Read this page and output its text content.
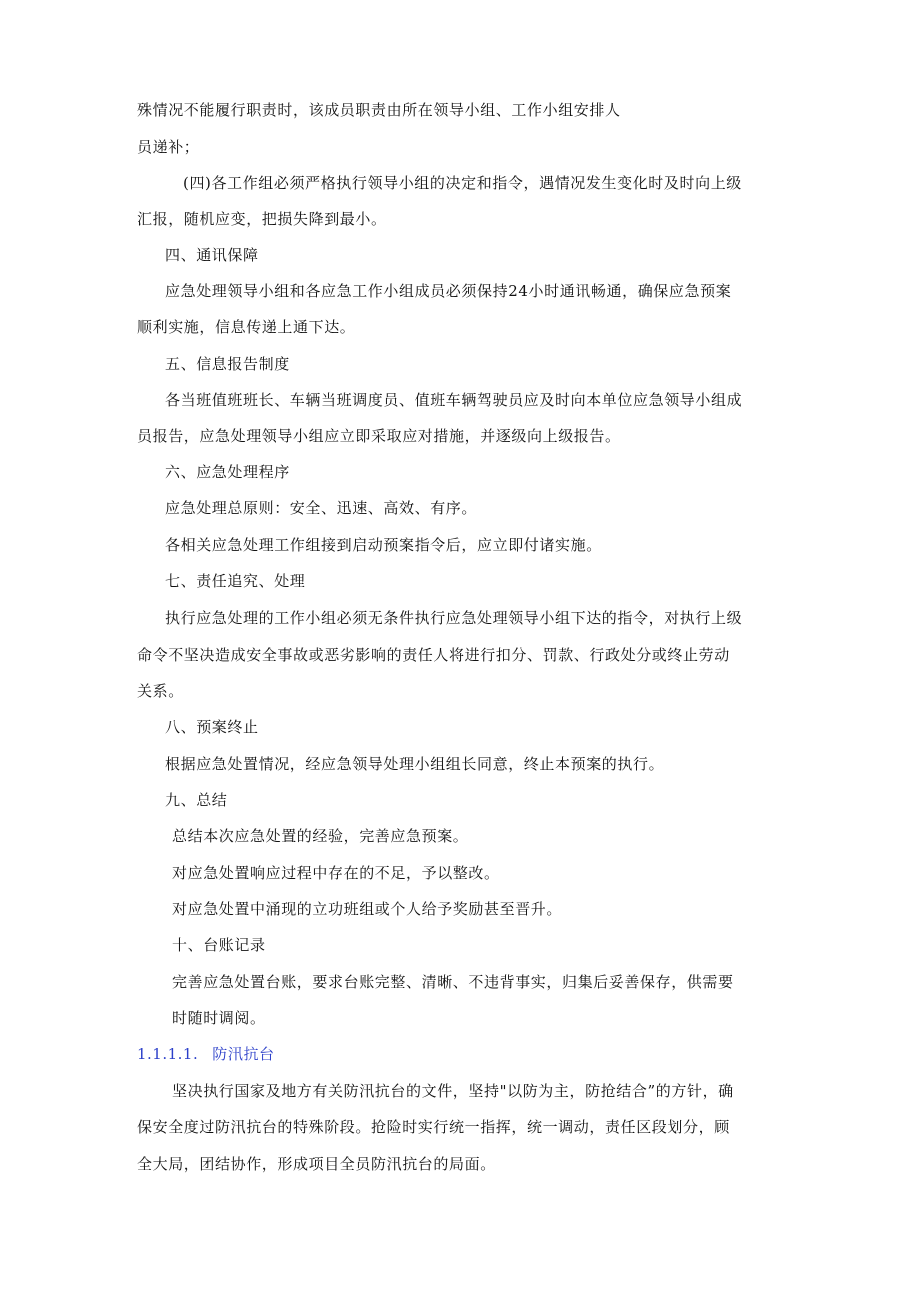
殊情况不能履行职责时，该成员职责由所在领导小组、工作小组安排人
员递补；
(四)各工作组必须严格执行领导小组的决定和指令，遇情况发生变化时及时向上级
汇报，随机应变，把损失降到最小。
四、通讯保障
应急处理领导小组和各应急工作小组成员必须保持24小时通讯畅通，确保应急预案
顺利实施，信息传递上通下达。
五、信息报告制度
各当班值班班长、车辆当班调度员、值班车辆驾驶员应及时向本单位应急领导小组成
员报告，应急处理领导小组应立即采取应对措施，并逐级向上级报告。
六、应急处理程序
应急处理总原则：安全、迅速、高效、有序。
各相关应急处理工作组接到启动预案指令后，应立即付诸实施。
七、责任追究、处理
执行应急处理的工作小组必须无条件执行应急处理领导小组下达的指令，对执行上级
命令不坚决造成安全事故或恶劣影响的责任人将进行扣分、罚款、行政处分或终止劳动
关系。
八、预案终止
根据应急处置情况，经应急领导处理小组组长同意，终止本预案的执行。
九、总结
总结本次应急处置的经验，完善应急预案。
对应急处置响应过程中存在的不足，予以整改。
对应急处置中涌现的立功班组或个人给予奖励甚至晋升。
十、台账记录
完善应急处置台账，要求台账完整、清晰、不违背事实，归集后妥善保存，供需要
时随时调阅。
1.1.1.1. 防汛抗台
坚决执行国家及地方有关防汛抗台的文件，坚持"以防为主，防抢结合”的方针，确
保安全度过防汛抗台的特殊阶段。抢险时实行统一指挥，统一调动，责任区段划分，顾
全大局，团结协作，形成项目全员防汛抗台的局面。
